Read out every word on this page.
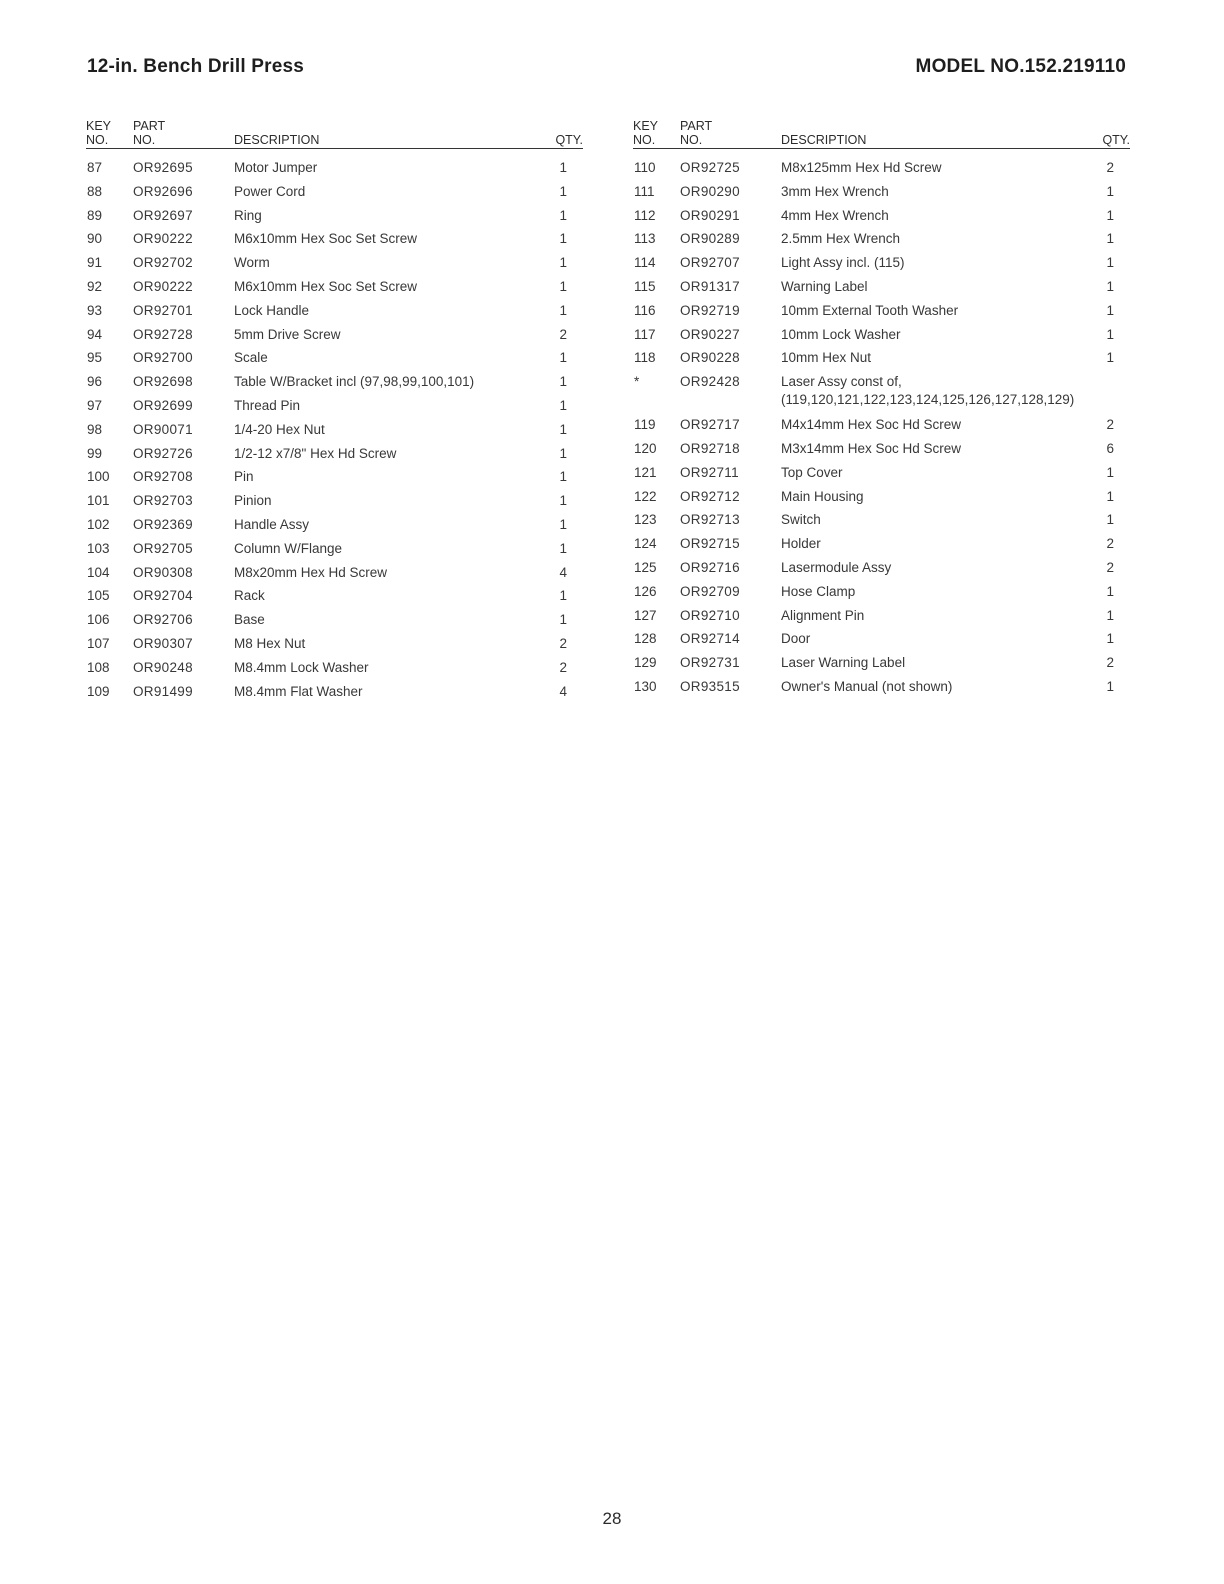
12-in. Bench Drill Press	MODEL NO.152.219110
KEY
NO.
PART
NO.	DESCRIPTION	QTY.
87 OR92695	Motor Jumper	1
88 OR92696	Power Cord	1
89 OR92697	Ring	1
90 OR90222	M6x10mm Hex Soc Set Screw	1
91 OR92702	Worm	1
92 OR90222	M6x10mm Hex Soc Set Screw	1
93 OR92701	Lock Handle	1
94 OR92728	5mm Drive Screw	2
95 OR92700	Scale	1
96 OR92698	Table W/Bracket incl (97,98,99,100,101)	1
97 OR92699	Thread Pin	1
98 OR90071	1/4-20 Hex Nut	1
99 OR92726	1/2-12 x7/8" Hex Hd Screw	1
100 OR92708	Pin	1
101 OR92703	Pinion	1
102 OR92369	Handle Assy	1
103 OR92705	Column W/Flange	1
104 OR90308	M8x20mm Hex Hd Screw	4
105 OR92704	Rack	1
106 OR92706	Base	1
107 OR90307	M8 Hex Nut	2
108 OR90248	M8.4mm Lock Washer	2
109 OR91499	M8.4mm Flat Washer	4
KEY
NO.
PART
NO.	DESCRIPTION	QTY.
110 OR92725	M8x125mm Hex Hd Screw	2
111 OR90290	3mm Hex Wrench	1
112 OR90291	4mm Hex Wrench	1
113 OR90289	2.5mm Hex Wrench	1
114 OR92707	Light Assy incl. (115)	1
115 OR91317	Warning Label	1
116 OR92719	10mm External Tooth Washer	1
117 OR90227	10mm Lock Washer	1
118 OR90228	10mm Hex Nut	1
*	OR92428	Laser Assy const of,
(119,120,121,122,123,124,125,126,127,128,129)
119 OR92717	M4x14mm Hex Soc Hd Screw	2
120 OR92718	M3x14mm Hex Soc Hd Screw	6
121 OR92711	Top Cover	1
122 OR92712	Main Housing	1
123 OR92713	Switch	1
124 OR92715	Holder	2
125 OR92716	Lasermodule Assy	2
126 OR92709	Hose Clamp	1
127 OR92710	Alignment Pin	1
128 OR92714	Door	1
129 OR92731	Laser Warning Label	2
130 OR93515	Owner's Manual (not shown)	1
28
